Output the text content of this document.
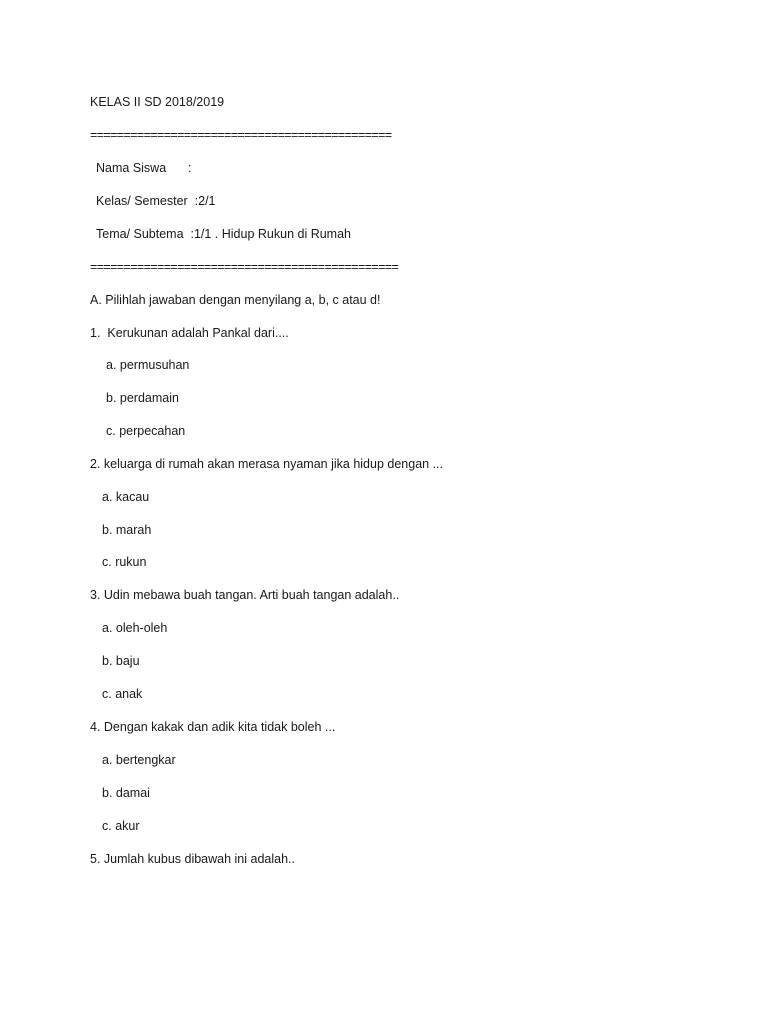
KELAS II SD 2018/2019
=============================================
Nama Siswa :
Kelas/ Semester  :2/1
Tema/ Subtema  :1/1 . Hidup Rukun di Rumah
==============================================
A. Pilihlah jawaban dengan menyilang a, b, c atau d!
1.  Kerukunan adalah Pankal dari....
a. permusuhan
b. perdamain
c. perpecahan
2. keluarga di rumah akan merasa nyaman jika hidup dengan ...
a. kacau
b. marah
c. rukun
3. Udin mebawa buah tangan. Arti buah tangan adalah..
a. oleh-oleh
b. baju
c. anak
4. Dengan kakak dan adik kita tidak boleh ...
a. bertengkar
b. damai
c. akur
5. Jumlah kubus dibawah ini adalah..
